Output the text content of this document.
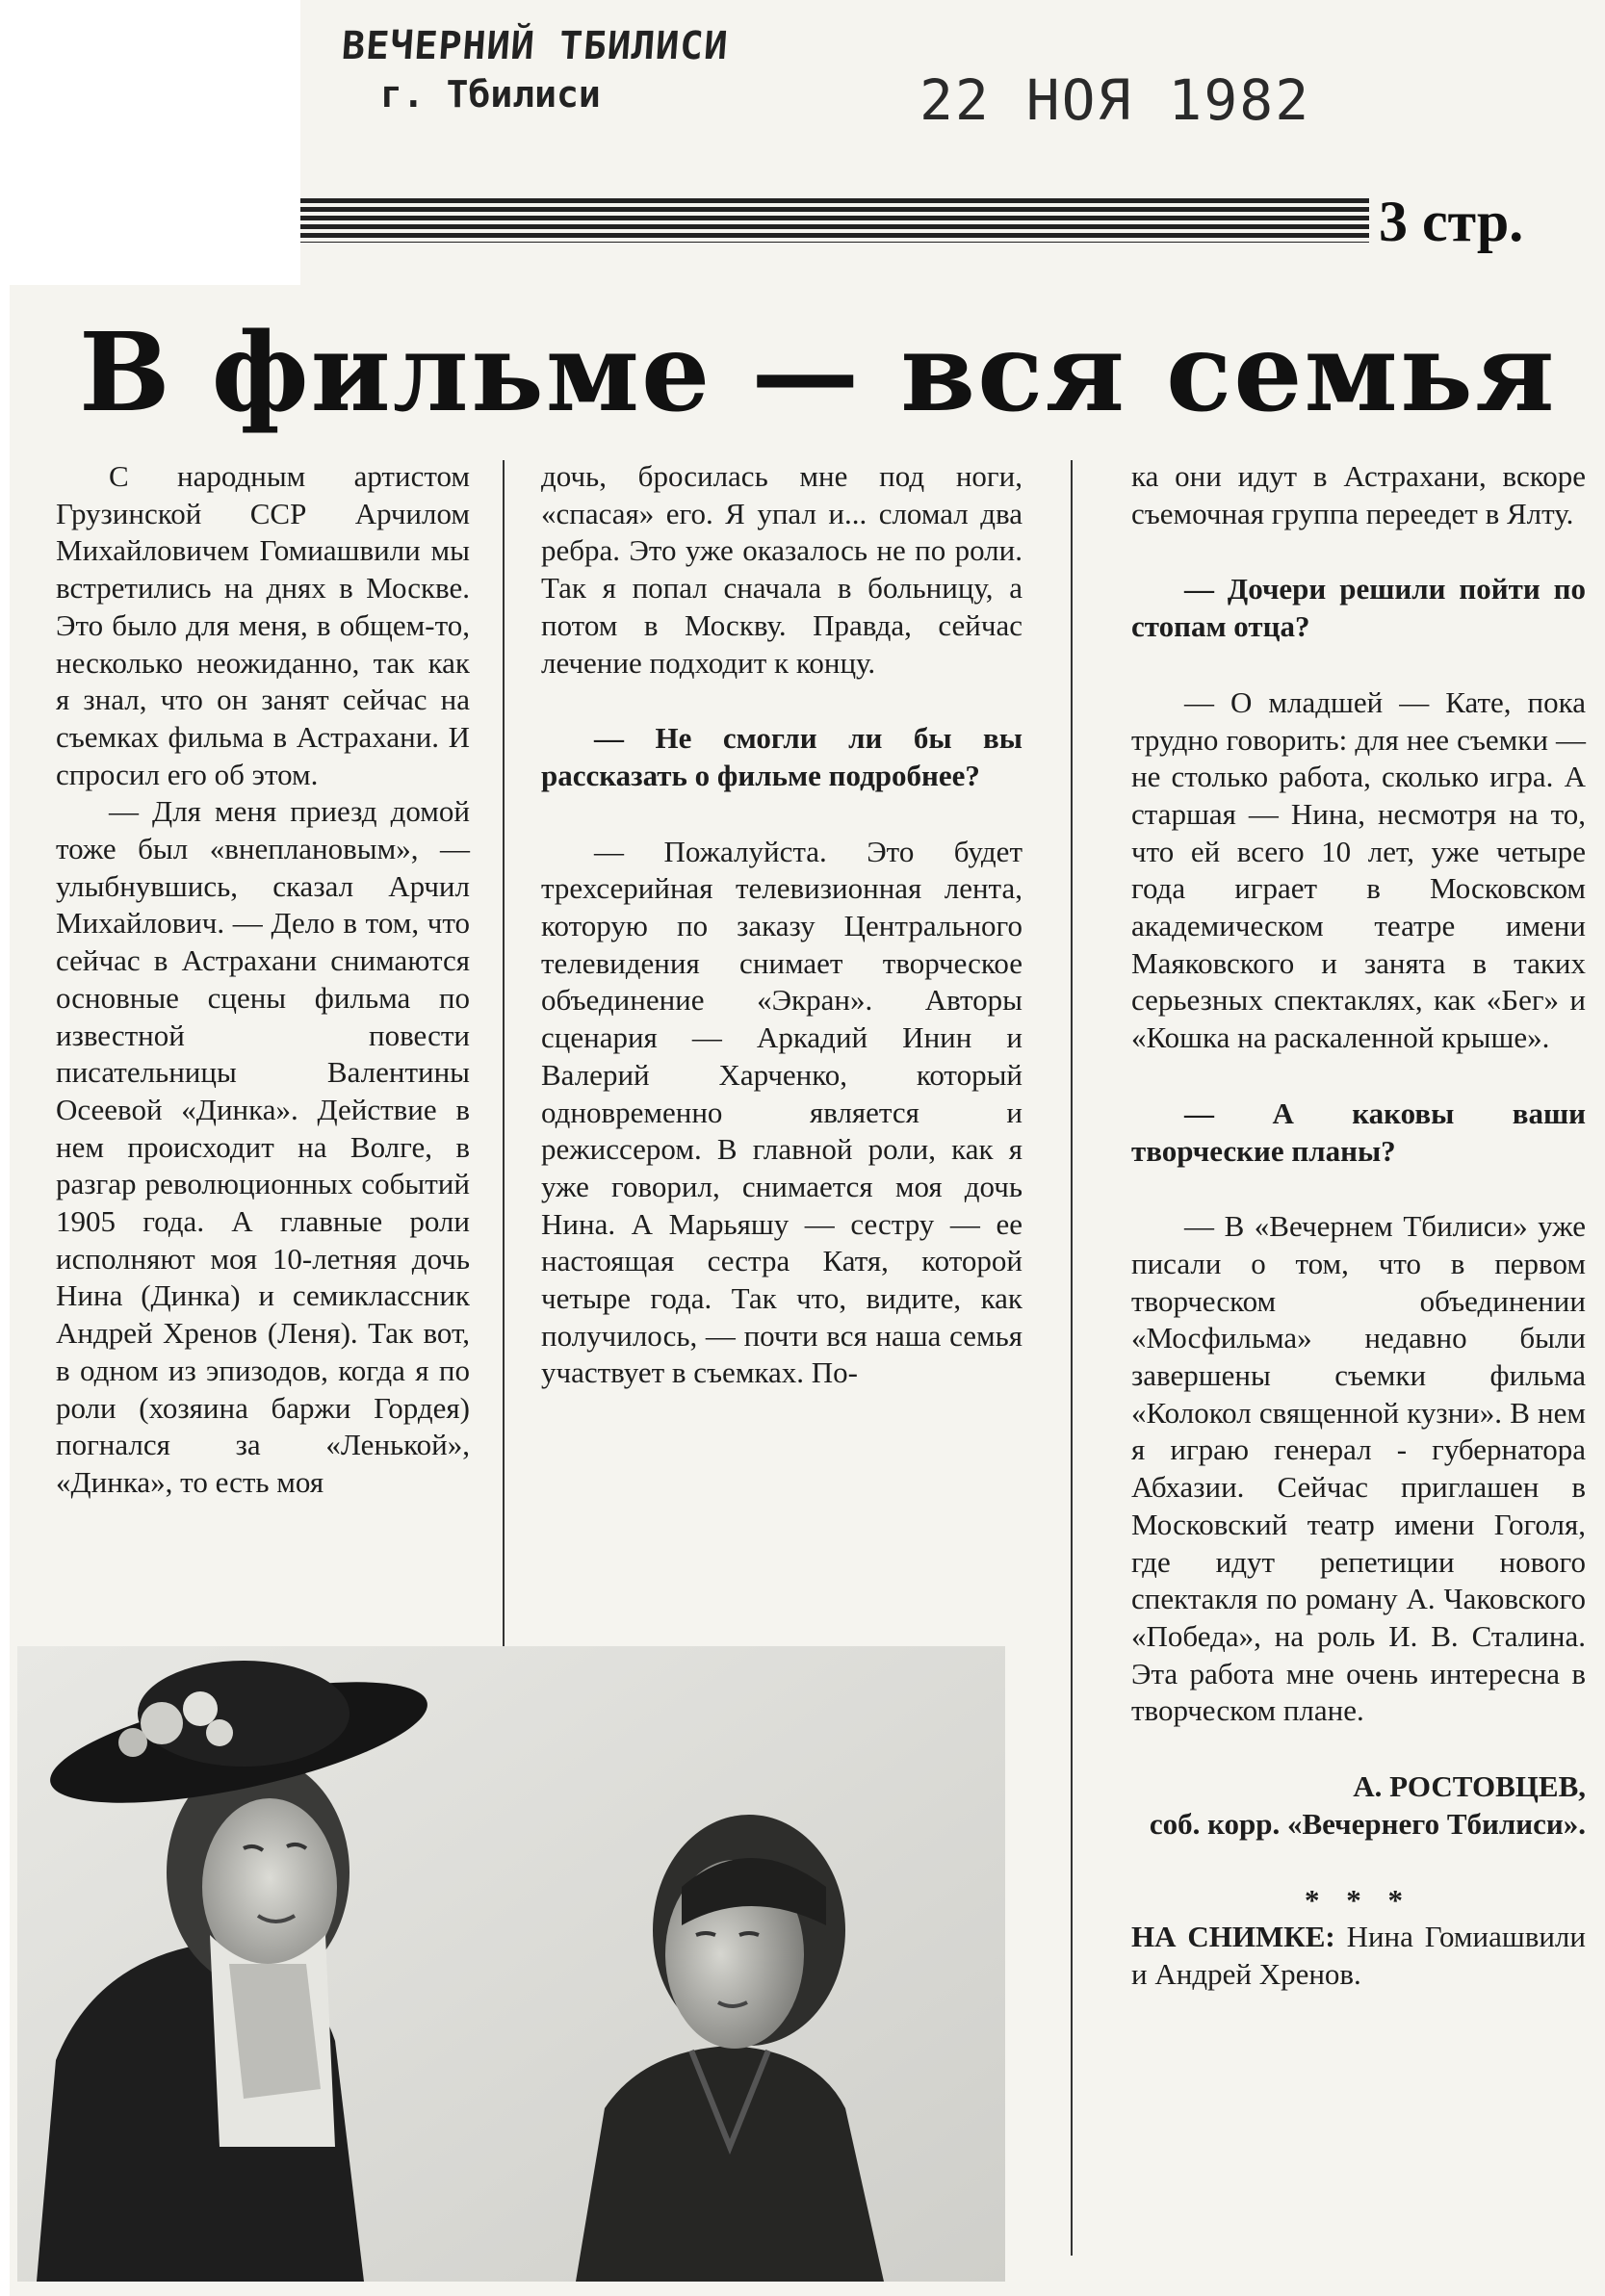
ВЕЧЕРНИЙ ТБИЛИСИ
г. Тбилиси	22 НОЯ 1982
3 стр.
В фильме — вся семья

С народным артистом Грузинской ССР Арчилом Михайловичем Гомиашвили мы встретились на днях в Москве. Это было для меня, в общем-то, несколько неожиданно, так как я знал, что он занят сейчас на съемках фильма в Астрахани. И спросил его об этом.

— Для меня приезд домой тоже был «внеплановым», — улыбнувшись, сказал Арчил Михайлович. — Дело в том, что сейчас в Астрахани снимаются основные сцены фильма по известной повести писательницы Валентины Осеевой «Динка». Действие в нем происходит на Волге, в разгар революционных событий 1905 года. А главные роли исполняют моя 10-летняя дочь Нина (Динка) и семиклассник Андрей Хренов (Леня). Так вот, в одном из эпизодов, когда я по роли (хозяина баржи Гордея) погнался за «Ленькой», «Динка», то есть моя

дочь, бросилась мне под ноги, «спасая» его. Я упал и... сломал два ребра. Это уже оказалось не по роли. Так я попал сначала в больницу, а потом в Москву. Правда, сейчас лечение подходит к концу.

— Не смогли ли бы вы рассказать о фильме подробнее?

— Пожалуйста. Это будет трехсерийная телевизионная лента, которую по заказу Центрального телевидения снимает творческое объединение «Экран». Авторы сценария — Аркадий Инин и Валерий Харченко, который одновременно является и режиссером. В главной роли, как я уже говорил, снимается моя дочь Нина. А Марьяшу — сестру — ее настоящая сестра Катя, которой четыре года. Так что, видите, как получилось, — почти вся наша семья участвует в съемках. По-

ка они идут в Астрахани, вскоре съемочная группа переедет в Ялту.

— Дочери решили пойти по стопам отца?

— О младшей — Кате, пока трудно говорить: для нее съемки — не столько работа, сколько игра. А старшая — Нина, несмотря на то, что ей всего 10 лет, уже четыре года играет в Московском академическом театре имени Маяковского и занята в таких серьезных спектаклях, как «Бег» и «Кошка на раскаленной крыше».

— А каковы ваши творческие планы?

— В «Вечернем Тбилиси» уже писали о том, что в первом творческом объединении «Мосфильма» недавно были завершены съемки фильма «Колокол священной кузни». В нем я играю генерал - губернатора Абхазии. Сейчас приглашен в Московский театр имени Гоголя, где идут репетиции нового спектакля по роману А. Чаковского «Победа», на роль И. В. Сталина. Эта работа мне очень интересна в творческом плане.

А. РОСТОВЦЕВ,
соб. корр. «Вечернего Тбилиси».
* * *

НА СНИМКЕ: Нина Гомиашвили и Андрей Хренов.
